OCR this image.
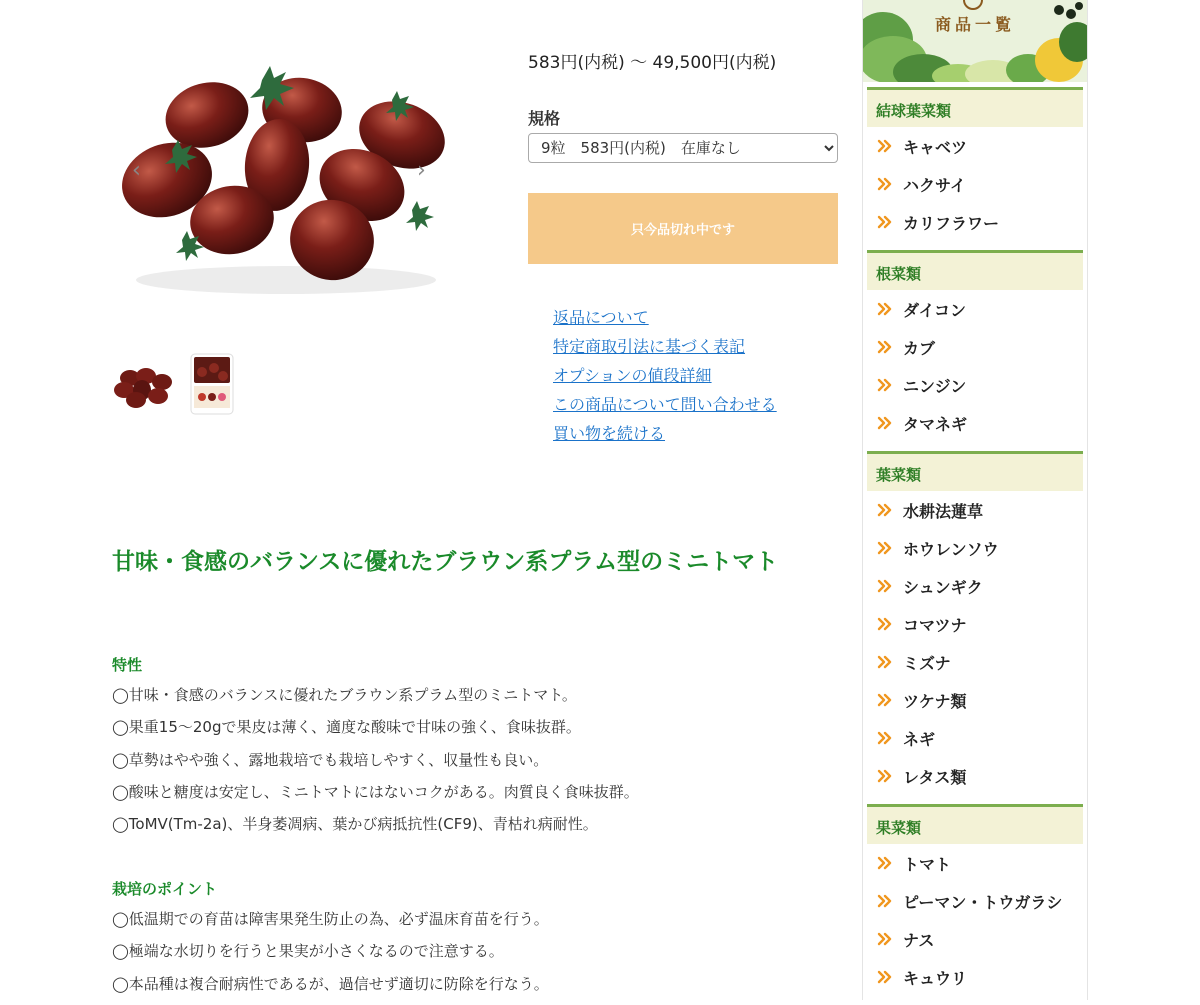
‹	›
583円(内税) 〜 49,500円(内税)
規格
9粒　583円(内税)　在庫なし
只今品切れ中です
返品について
特定商取引法に基づく表記
オプションの値段詳細
この商品について問い合わせる
買い物を続ける
甘味・食感のバランスに優れたブラウン系プラム型のミニトマト
特性
◯甘味・食感のバランスに優れたブラウン系プラム型のミニトマト。
◯果重15〜20gで果皮は薄く、適度な酸味で甘味の強く、食味抜群。
◯草勢はやや強く、露地栽培でも栽培しやすく、収量性も良い。
◯酸味と糖度は安定し、ミニトマトにはないコクがある。肉質良く食味抜群。
◯ToMV(Tm-2a)、半身萎凋病、葉かび病抵抗性(CF9)、青枯れ病耐性。
栽培のポイント
◯低温期での育苗は障害果発生防止の為、必ず温床育苗を行う。
◯極端な水切りを行うと果実が小さくなるので注意する。
◯本品種は複合耐病性であるが、過信せず適切に防除を行なう。
商品一覧
結球葉菜類
キャベツ
ハクサイ
カリフラワー
根菜類
ダイコン
カブ
ニンジン
タマネギ
葉菜類
水耕法蓮草
ホウレンソウ
シュンギク
コマツナ
ミズナ
ツケナ類
ネギ
レタス類
果菜類
トマト
ピーマン・トウガラシ
ナス
キュウリ
